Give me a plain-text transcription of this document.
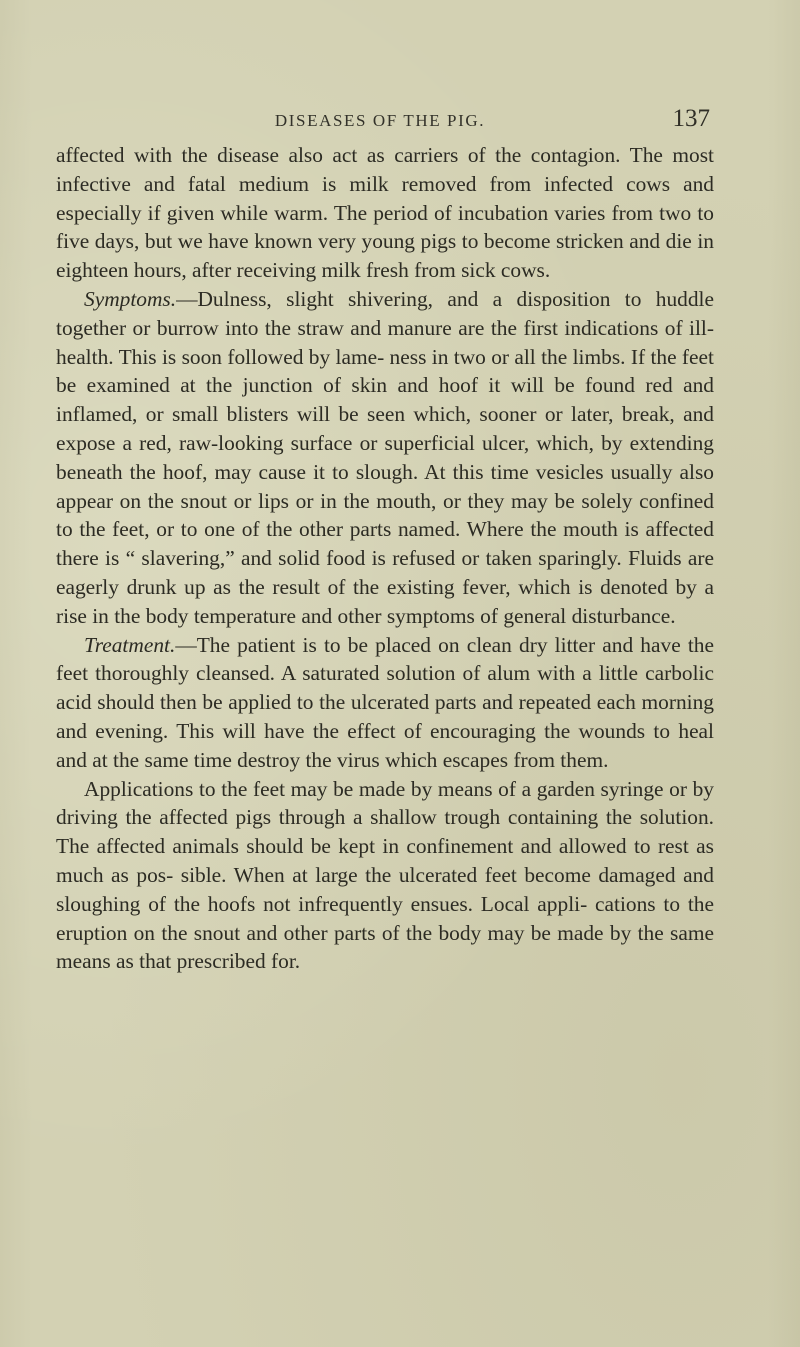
DISEASES OF THE PIG.	137

affected with the disease also act as carriers of the contagion. The most infective and fatal medium is milk removed from infected cows and especially if given while warm. The period of incubation varies from two to five days, but we have known very young pigs to become stricken and die in eighteen hours, after receiving milk fresh from sick cows.

Symptoms.—Dulness, slight shivering, and a disposition to huddle together or burrow into the straw and manure are the first indications of ill-health. This is soon followed by lame- ness in two or all the limbs. If the feet be examined at the junction of skin and hoof it will be found red and inflamed, or small blisters will be seen which, sooner or later, break, and expose a red, raw-looking surface or superficial ulcer, which, by extending beneath the hoof, may cause it to slough. At this time vesicles usually also appear on the snout or lips or in the mouth, or they may be solely confined to the feet, or to one of the other parts named. Where the mouth is affected there is “ slavering,” and solid food is refused or taken sparingly. Fluids are eagerly drunk up as the result of the existing fever, which is denoted by a rise in the body temperature and other symptoms of general disturbance.

Treatment.—The patient is to be placed on clean dry litter and have the feet thoroughly cleansed. A saturated solution of alum with a little carbolic acid should then be applied to the ulcerated parts and repeated each morning and evening. This will have the effect of encouraging the wounds to heal and at the same time destroy the virus which escapes from them.

Applications to the feet may be made by means of a garden syringe or by driving the affected pigs through a shallow trough containing the solution. The affected animals should be kept in confinement and allowed to rest as much as pos- sible. When at large the ulcerated feet become damaged and sloughing of the hoofs not infrequently ensues. Local appli- cations to the eruption on the snout and other parts of the body may be made by the same means as that prescribed for.
